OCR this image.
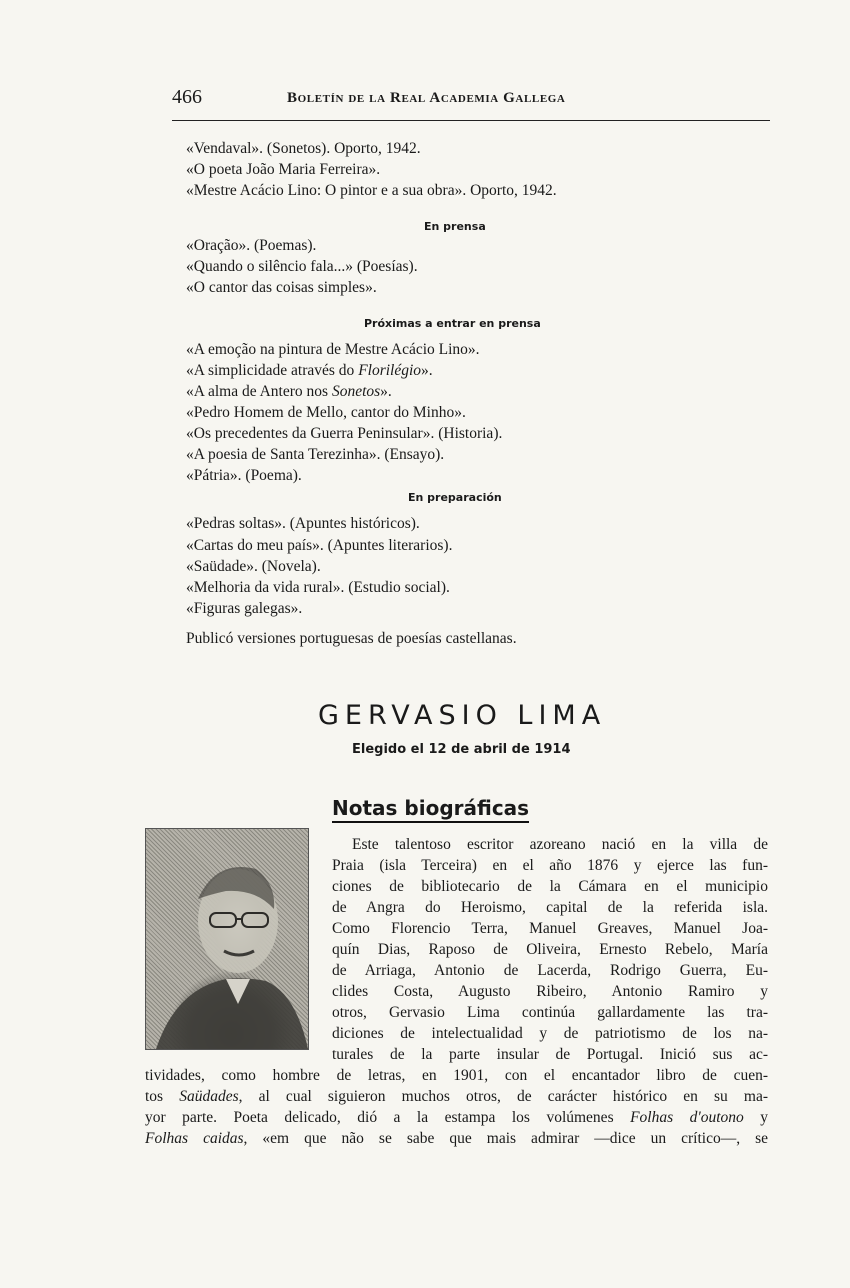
466	Boletín de la Real Academia Gallega
«Vendaval». (Sonetos). Oporto, 1942.
«O poeta João Maria Ferreira».
«Mestre Acácio Lino: O pintor e a sua obra». Oporto, 1942.
En prensa
«Oração». (Poemas).
«Quando o silêncio fala...» (Poesías).
«O cantor das coisas simples».
Próximas a entrar en prensa
«A emoção na pintura de Mestre Acácio Lino».
«A simplicidade através do Florilégio».
«A alma de Antero nos Sonetos».
«Pedro Homem de Mello, cantor do Minho».
«Os precedentes da Guerra Peninsular». (Historia).
«A poesia de Santa Terezinha». (Ensayo).
«Pátria». (Poema).
En preparación
«Pedras soltas». (Apuntes históricos).
«Cartas do meu país». (Apuntes literarios).
«Saüdade». (Novela).
«Melhoria da vida rural». (Estudio social).
«Figuras galegas».
Publicó versiones portuguesas de poesías castellanas.
GERVASIO LIMA
Elegido el 12 de abril de 1914
Notas biográficas
Este talentoso escritor azoreano nació en la villa de
Praia (isla Terceira) en el año 1876 y ejerce las fun-
ciones de bibliotecario de la Cámara en el municipio
de Angra do Heroismo, capital de la referida isla.
Como Florencio Terra, Manuel Greaves, Manuel Joa-
quín Dias, Raposo de Oliveira, Ernesto Rebelo, María
de Arriaga, Antonio de Lacerda, Rodrigo Guerra, Eu-
clides Costa, Augusto Ribeiro, Antonio Ramiro y
otros, Gervasio Lima continúa gallardamente las tra-
diciones de intelectualidad y de patriotismo de los na-
turales de la parte insular de Portugal. Inició sus ac-
tividades, como hombre de letras, en 1901, con el encantador libro de cuen-
tos Saüdades, al cual siguieron muchos otros, de carácter histórico en su ma-
yor parte. Poeta delicado, dió a la estampa los volúmenes Folhas d'outono y
Folhas caidas, «em que não se sabe que mais admirar —dice un crítico—, se
